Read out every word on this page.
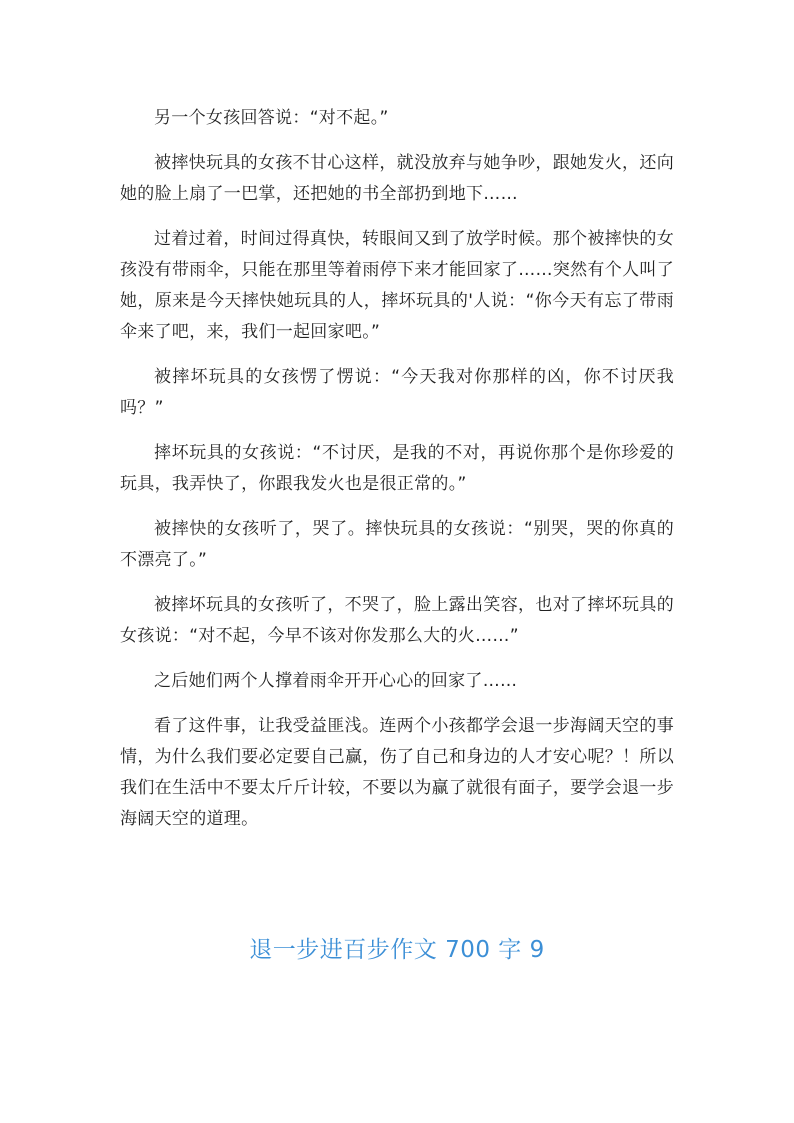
另一个女孩回答说：“对不起。”

被摔快玩具的女孩不甘心这样，就没放弃与她争吵，跟她发火，还向她的脸上扇了一巴掌，还把她的书全部扔到地下……

过着过着，时间过得真快，转眼间又到了放学时候。那个被摔快的女孩没有带雨伞，只能在那里等着雨停下来才能回家了……突然有个人叫了她，原来是今天摔快她玩具的人，摔坏玩具的'人说：“你今天有忘了带雨伞来了吧，来，我们一起回家吧。”

被摔坏玩具的女孩愣了愣说：“今天我对你那样的凶，你不讨厌我吗？”

摔坏玩具的女孩说：“不讨厌，是我的不对，再说你那个是你珍爱的玩具，我弄快了，你跟我发火也是很正常的。”

被摔快的女孩听了，哭了。摔快玩具的女孩说：“别哭，哭的你真的不漂亮了。”

被摔坏玩具的女孩听了，不哭了，脸上露出笑容，也对了摔坏玩具的女孩说：“对不起，今早不该对你发那么大的火……”

之后她们两个人撑着雨伞开开心心的回家了……

看了这件事，让我受益匪浅。连两个小孩都学会退一步海阔天空的事情，为什么我们要必定要自己赢，伤了自己和身边的人才安心呢？！所以我们在生活中不要太斤斤计较，不要以为赢了就很有面子，要学会退一步海阔天空的道理。

退一步进百步作文 700 字 9
